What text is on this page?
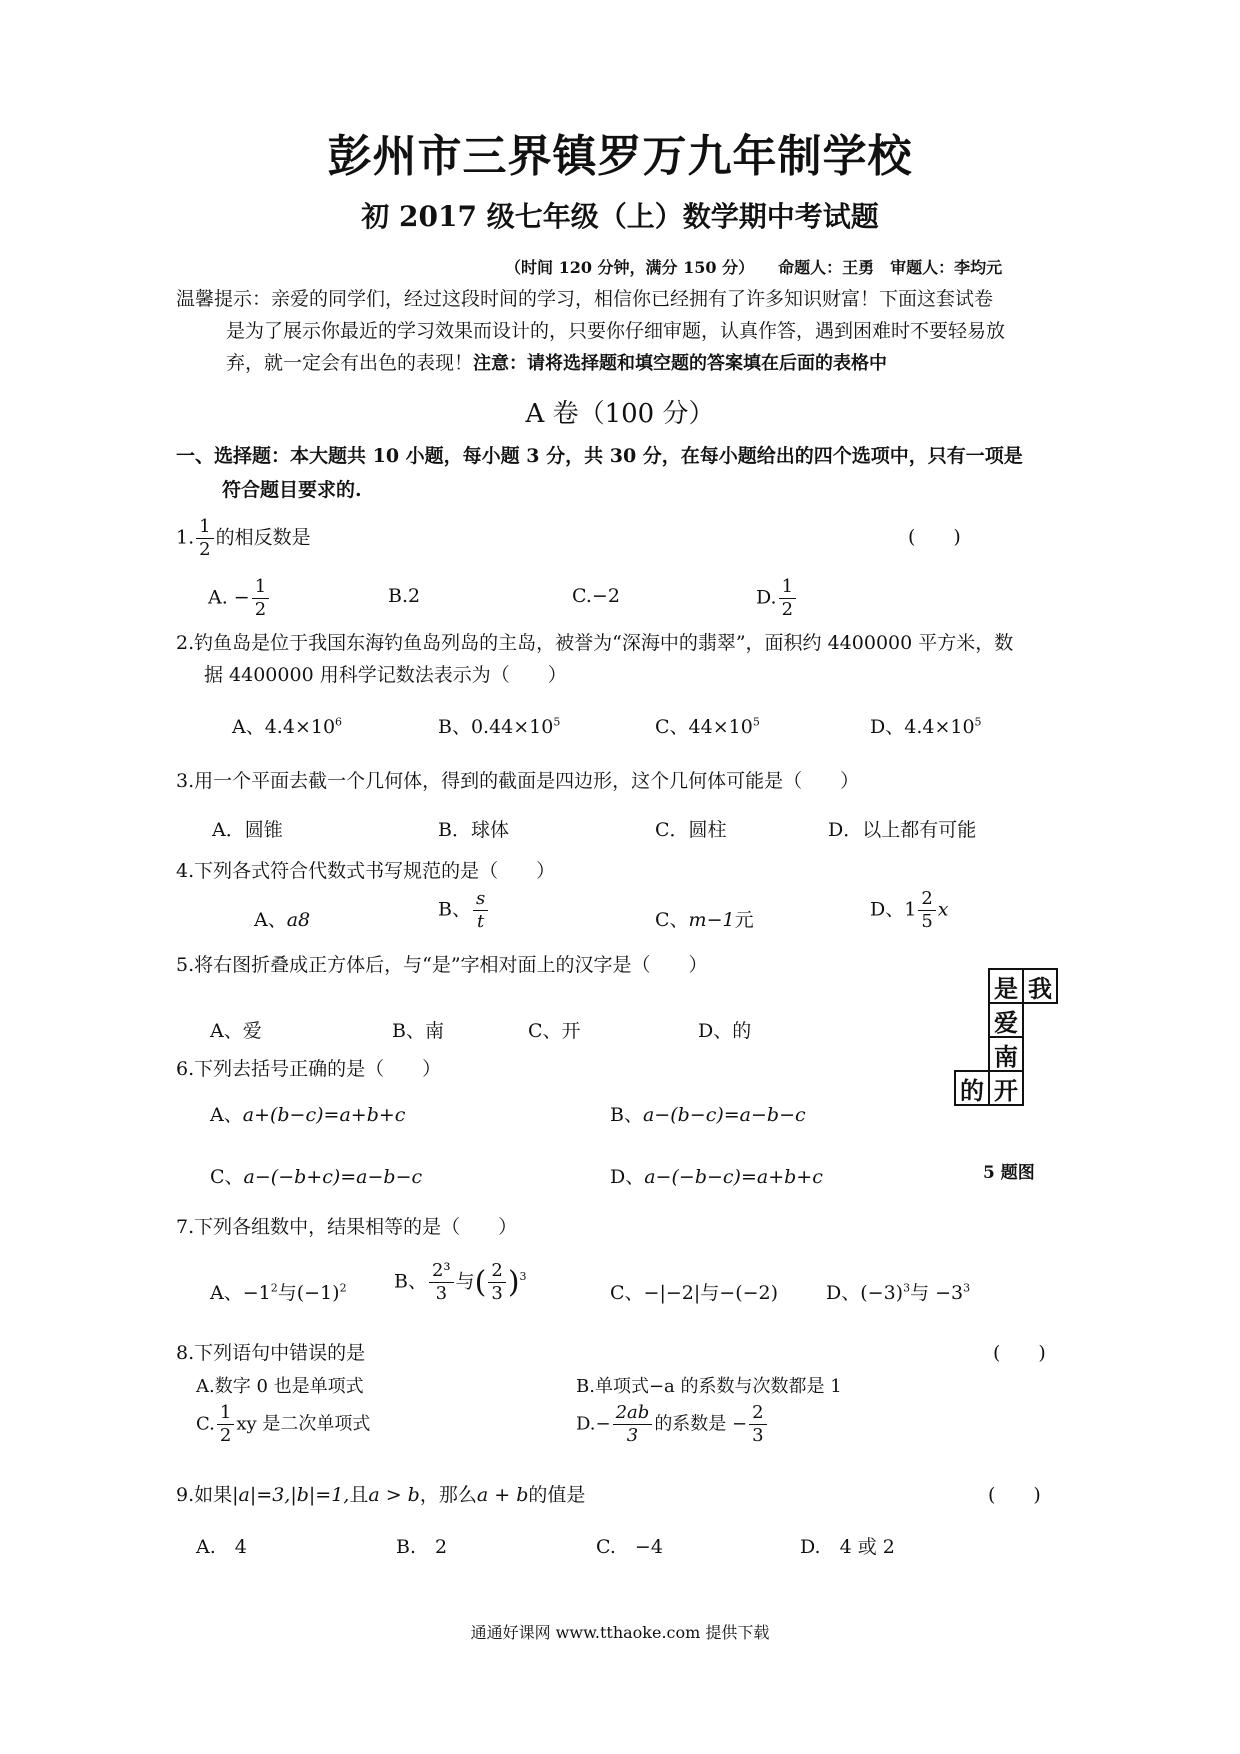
彭州市三界镇罗万九年制学校
初 2017 级七年级（上）数学期中考试题
（时间 120 分钟，满分 150 分）　　命题人：王勇　审题人：李均元
温馨提示：亲爱的同学们，经过这段时间的学习，相信你已经拥有了许多知识财富！下面这套试卷
是为了展示你最近的学习效果而设计的，只要你仔细审题，认真作答，遇到困难时不要轻易放
弃，就一定会有出色的表现！注意：请将选择题和填空题的答案填在后面的表格中
A 卷（100 分）
一、选择题：本大题共 10 小题，每小题 3 分，共 30 分，在每小题给出的四个选项中，只有一项是
符合题目要求的.
1. $\frac{1}{2}$ 的相反数是	(　　)
A. − $\frac{1}{2}$	B.2	C.−2	D. $\frac{1}{2}$
2.钓鱼岛是位于我国东海钓鱼岛列岛的主岛，被誉为“深海中的翡翠”，面积约 4400000 平方米，数
据 4400000 用科学记数法表示为（　　）
A、$4.4\times 10^6$	B、$0.44\times 10^5$	C、$44\times 10^5$	D、$4.4\times 10^5$
3.用一个平面去截一个几何体，得到的截面是四边形，这个几何体可能是（　　）
A．圆锥	B．球体	C．圆柱	D．以上都有可能
4.下列各式符合代数式书写规范的是（　　）
A、a8	B、 $\frac{s}{t}$	C、m−1元	D、$1 \frac{2}{5}$ x
5.将右图折叠成正方体后，与“是”字相对面上的汉字是（　　）
A、爱	B、南	C、开	D、的
是 我
爱
南
的 开
5 题图
6.下列去括号正确的是（　　）
A、a+(b−c)=a+b+c	B、a−(b−c)=a−b−c
C、a−(−b+c)=a−b−c	D、a−(−b−c)=a+b+c
7.下列各组数中，结果相等的是（　　）
A、$-1^2$与$(-1)^2$ B、 $\frac{\text{2³}}{3}$ 与( $\frac{2}{3} )^3$
C、−|−2|与−(−2)	D、$(-3)^3$与 $-3^3$
8.下列语句中错误的是	(　　)
A.数字 0 也是单项式	B.单项式−a 的系数与次数都是 1
C. $\frac{1}{2}$ xy 是二次单项式	$D.- \frac{2ab}{3}$ 的系数是 − $\frac{2}{3}$
9.如果|a|=3,|b|=1,且a > b，那么a + b的值是	(　　)
A.　4	B.　2	C.　−4	D.　4 或 2
通通好课网 www.tthaoke.com 提供下载
